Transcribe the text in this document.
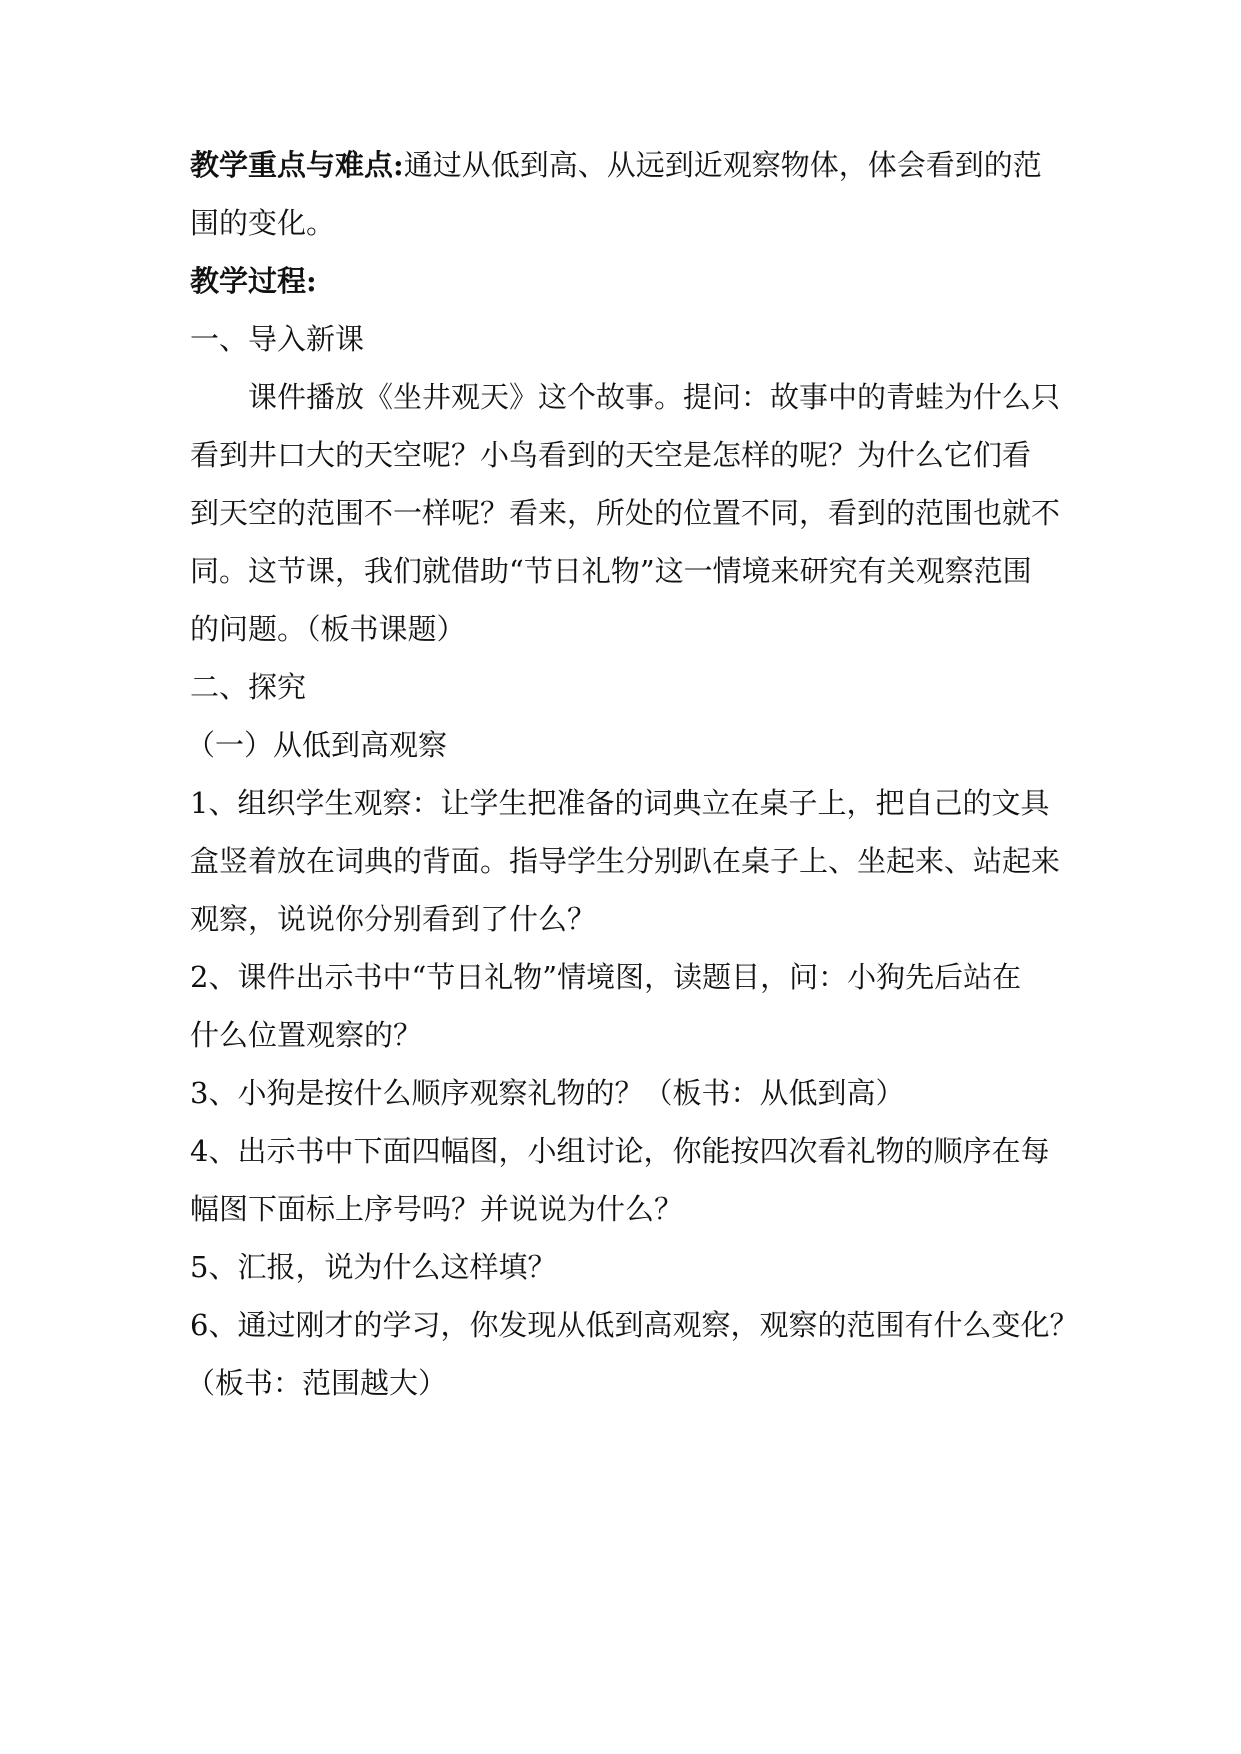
教学重点与难点:通过从低到高、从远到近观察物体，体会看到的范
围的变化。
教学过程:
一、导入新课
课件播放《坐井观天》这个故事。提问：故事中的青蛙为什么只
看到井口大的天空呢？小鸟看到的天空是怎样的呢？为什么它们看
到天空的范围不一样呢？看来，所处的位置不同，看到的范围也就不
同。这节课，我们就借助“节日礼物”这一情境来研究有关观察范围
的问题。（板书课题）
二、探究
（一）从低到高观察
1、组织学生观察：让学生把准备的词典立在桌子上，把自己的文具
盒竖着放在词典的背面。指导学生分别趴在桌子上、坐起来、站起来
观察，说说你分别看到了什么？
2、课件出示书中“节日礼物”情境图，读题目，问：小狗先后站在
什么位置观察的？
3、小狗是按什么顺序观察礼物的？（板书：从低到高）
4、出示书中下面四幅图，小组讨论，你能按四次看礼物的顺序在每
幅图下面标上序号吗？并说说为什么？
5、汇报，说为什么这样填？
6、通过刚才的学习，你发现从低到高观察，观察的范围有什么变化？
（板书：范围越大）
